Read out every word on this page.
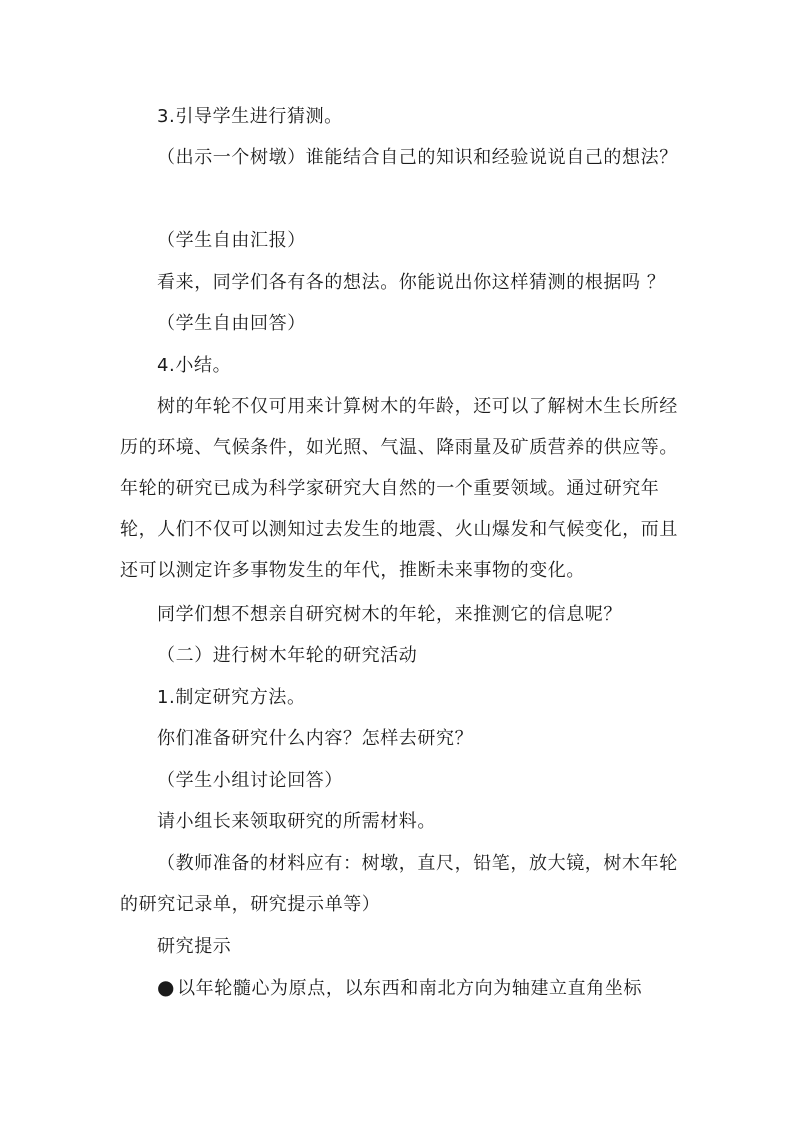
3.引导学生进行猜测。
（出示一个树墩）谁能结合自己的知识和经验说说自己的想法？
（学生自由汇报）
看来，同学们各有各的想法。你能说出你这样猜测的根据吗 ？
（学生自由回答）
4.小结。
树的年轮不仅可用来计算树木的年龄，还可以了解树木生长所经历的环境、气候条件，如光照、气温、降雨量及矿质营养的供应等。年轮的研究已成为科学家研究大自然的一个重要领域。通过研究年轮，人们不仅可以测知过去发生的地震、火山爆发和气候变化，而且还可以测定许多事物发生的年代，推断未来事物的变化。
同学们想不想亲自研究树木的年轮，来推测它的信息呢？
（二）进行树木年轮的研究活动
1.制定研究方法。
你们准备研究什么内容？怎样去研究？
（学生小组讨论回答）
请小组长来领取研究的所需材料。
（教师准备的材料应有：树墩，直尺，铅笔，放大镜，树木年轮的研究记录单，研究提示单等）
研究提示
● 以年轮髓心为原点，以东西和南北方向为轴建立直角坐标
